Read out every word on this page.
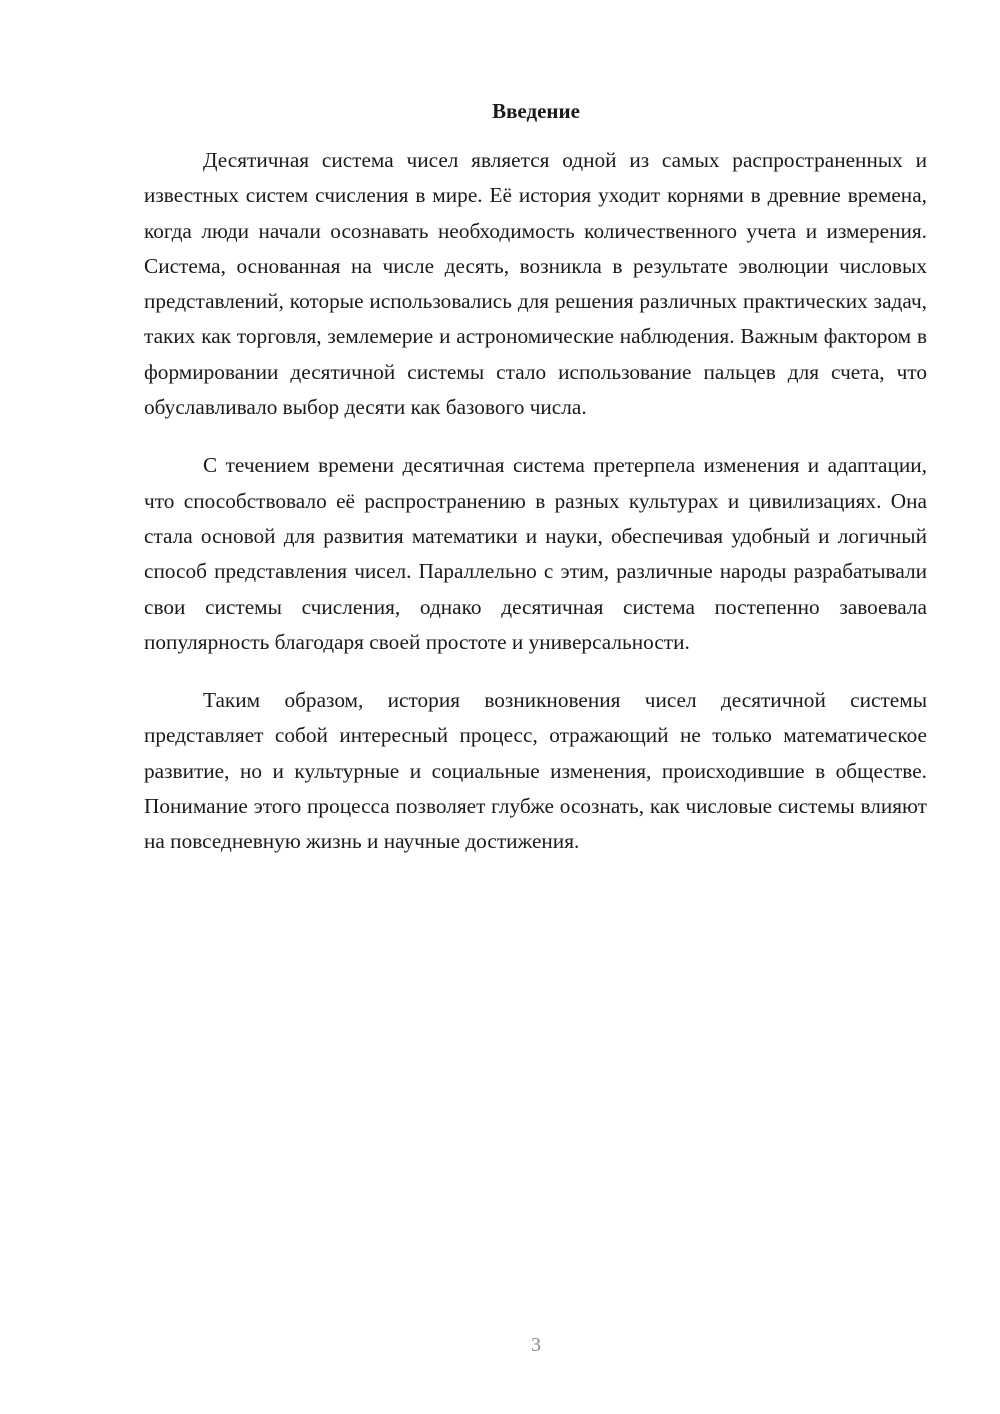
Введение

Десятичная система чисел является одной из самых распространенных и известных систем счисления в мире. Её история уходит корнями в древние времена, когда люди начали осознавать необходимость количественного учета и измерения. Система, основанная на числе десять, возникла в результате эволюции числовых представлений, которые использовались для решения различных практических задач, таких как торговля, землемерие и астрономические наблюдения. Важным фактором в формировании десятичной системы стало использование пальцев для счета, что обуславливало выбор десяти как базового числа.

С течением времени десятичная система претерпела изменения и адаптации, что способствовало её распространению в разных культурах и цивилизациях. Она стала основой для развития математики и науки, обеспечивая удобный и логичный способ представления чисел. Параллельно с этим, различные народы разрабатывали свои системы счисления, однако десятичная система постепенно завоевала популярность благодаря своей простоте и универсальности.

Таким образом, история возникновения чисел десятичной системы представляет собой интересный процесс, отражающий не только математическое развитие, но и культурные и социальные изменения, происходившие в обществе. Понимание этого процесса позволяет глубже осознать, как числовые системы влияют на повседневную жизнь и научные достижения.

3
